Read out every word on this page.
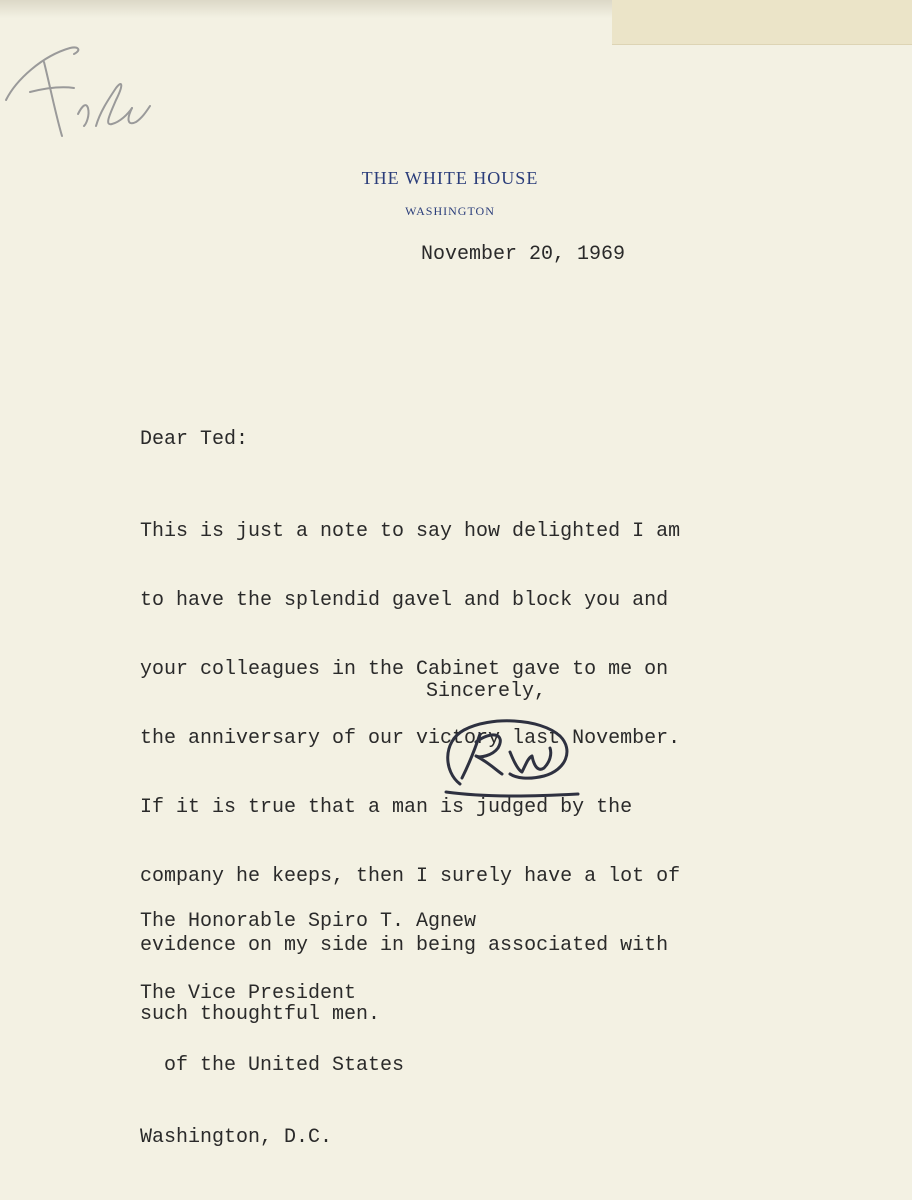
THE WHITE HOUSE
WASHINGTON
November 20, 1969
Dear Ted:

This is just a note to say how delighted I am

to have the splendid gavel and block you and

your colleagues in the Cabinet gave to me on

the anniversary of our victory last November.

If it is true that a man is judged by the

company he keeps, then I surely have a lot of

evidence on my side in being associated with

such thoughtful men.

Sincerely,

The Honorable Spiro T. Agnew

The Vice President

of the United States

Washington, D.C.
